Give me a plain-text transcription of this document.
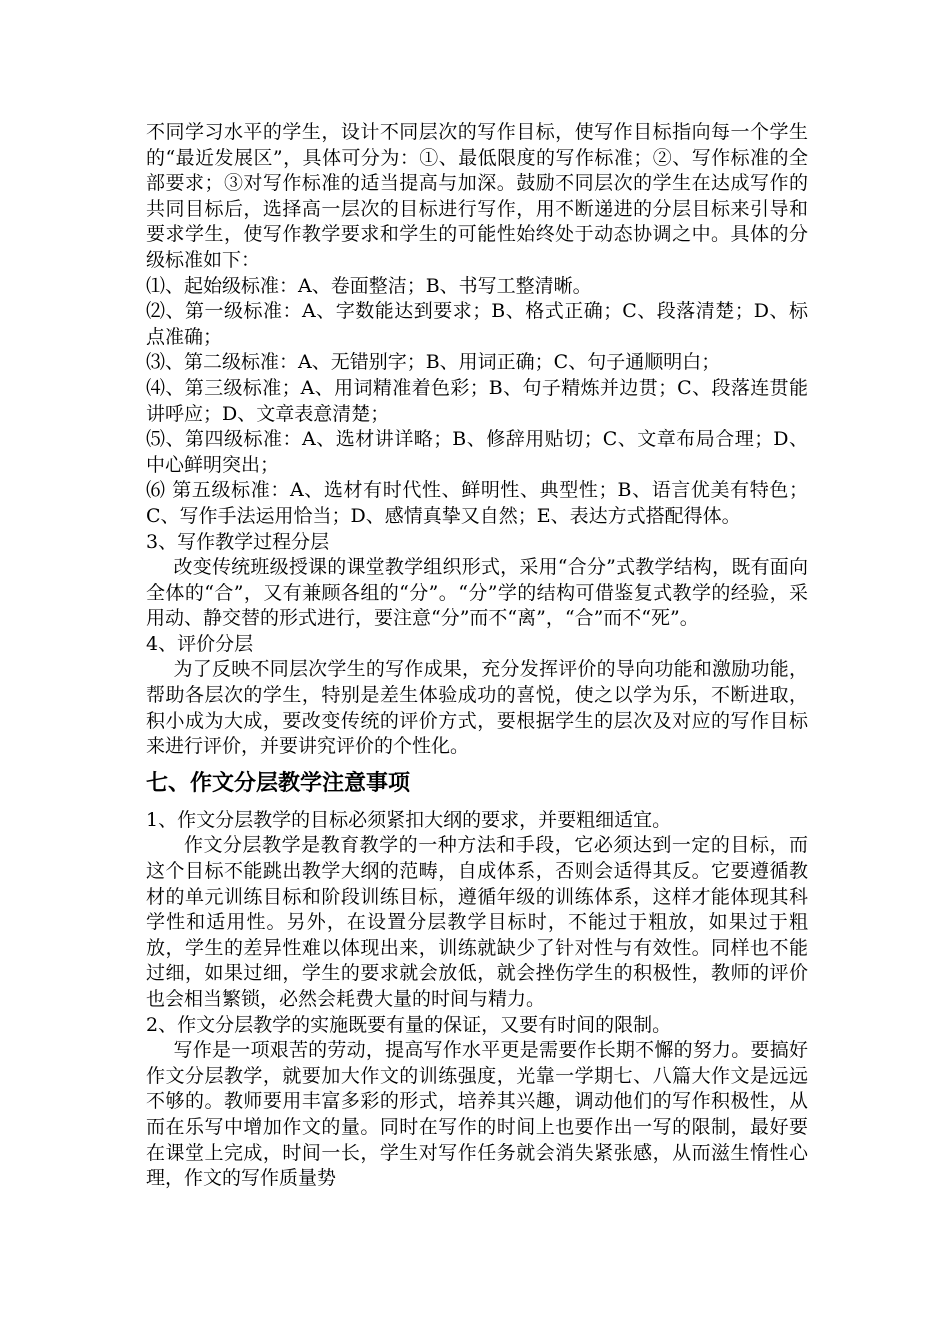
不同学习水平的学生，设计不同层次的写作目标，使写作目标指向每一个学生的“最近发展区”，具体可分为：①、最低限度的写作标准；②、写作标准的全部要求；③对写作标准的适当提高与加深。鼓励不同层次的学生在达成写作的共同目标后，选择高一层次的目标进行写作，用不断递进的分层目标来引导和要求学生，使写作教学要求和学生的可能性始终处于动态协调之中。具体的分级标准如下：

⑴、起始级标准：A、卷面整洁；B、书写工整清晰。

⑵、第一级标准：A、字数能达到要求；B、格式正确；C、段落清楚；D、标点准确；

⑶、第二级标准：A、无错别字；B、用词正确；C、句子通顺明白；

⑷、第三级标准；A、用词精准着色彩；B、句子精炼并边贯；C、段落连贯能讲呼应；D、文章表意清楚；

⑸、第四级标准：A、选材讲详略；B、修辞用贴切；C、文章布局合理；D、中心鲜明突出；

⑹ 第五级标准：A、选材有时代性、鲜明性、典型性；B、语言优美有特色；C、写作手法运用恰当；D、感情真挚又自然；E、表达方式搭配得体。

3、写作教学过程分层

改变传统班级授课的课堂教学组织形式，采用“合分”式教学结构，既有面向全体的“合”，又有兼顾各组的“分”。“分”学的结构可借鉴复式教学的经验，采用动、静交替的形式进行，要注意“分”而不“离”，“合”而不“死”。

4、评价分层

为了反映不同层次学生的写作成果，充分发挥评价的导向功能和激励功能，帮助各层次的学生，特别是差生体验成功的喜悦，使之以学为乐，不断进取，积小成为大成，要改变传统的评价方式，要根据学生的层次及对应的写作目标来进行评价，并要讲究评价的个性化。

七、作文分层教学注意事项

1、作文分层教学的目标必须紧扣大纲的要求，并要粗细适宜。

作文分层教学是教育教学的一种方法和手段，它必须达到一定的目标，而这个目标不能跳出教学大纲的范畴，自成体系，否则会适得其反。它要遵循教材的单元训练目标和阶段训练目标，遵循年级的训练体系，这样才能体现其科学性和适用性。另外，在设置分层教学目标时，不能过于粗放，如果过于粗放，学生的差异性难以体现出来，训练就缺少了针对性与有效性。同样也不能过细，如果过细，学生的要求就会放低，就会挫伤学生的积极性，教师的评价也会相当繁锁，必然会耗费大量的时间与精力。

2、作文分层教学的实施既要有量的保证，又要有时间的限制。

写作是一项艰苦的劳动，提高写作水平更是需要作长期不懈的努力。要搞好作文分层教学，就要加大作文的训练强度，光靠一学期七、八篇大作文是远远不够的。教师要用丰富多彩的形式，培养其兴趣，调动他们的写作积极性，从而在乐写中增加作文的量。同时在写作的时间上也要作出一写的限制，最好要在课堂上完成，时间一长，学生对写作任务就会消失紧张感，从而滋生惰性心理，作文的写作质量势
